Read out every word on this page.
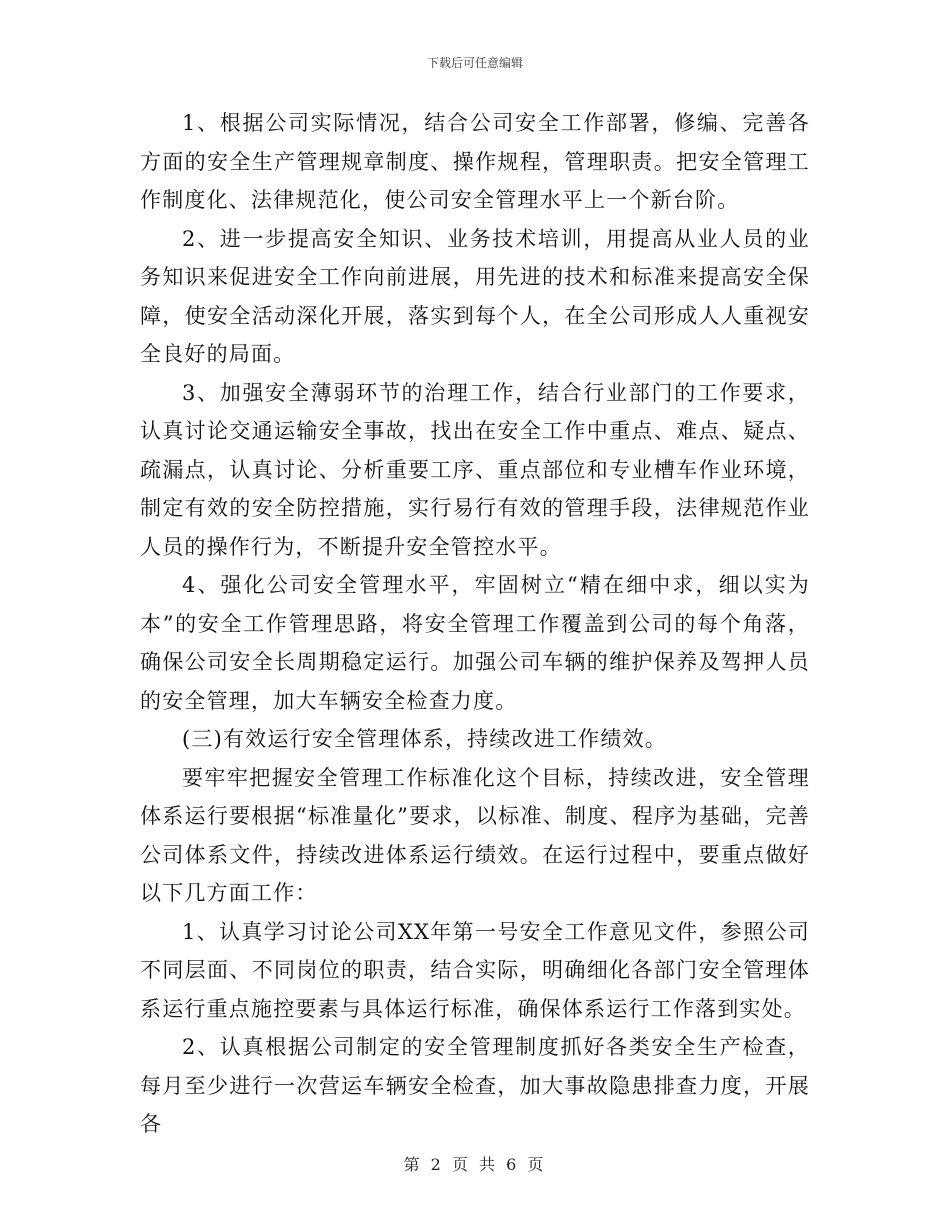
下载后可任意编辑

1、根据公司实际情况，结合公司安全工作部署，修编、完善各方面的安全生产管理规章制度、操作规程，管理职责。把安全管理工作制度化、法律规范化，使公司安全管理水平上一个新台阶。

2、进一步提高安全知识、业务技术培训，用提高从业人员的业务知识来促进安全工作向前进展，用先进的技术和标准来提高安全保障，使安全活动深化开展，落实到每个人，在全公司形成人人重视安全良好的局面。

3、加强安全薄弱环节的治理工作，结合行业部门的工作要求，认真讨论交通运输安全事故，找出在安全工作中重点、难点、疑点、疏漏点，认真讨论、分析重要工序、重点部位和专业槽车作业环境，制定有效的安全防控措施，实行易行有效的管理手段，法律规范作业人员的操作行为，不断提升安全管控水平。

4、强化公司安全管理水平，牢固树立“精在细中求，细以实为本”的安全工作管理思路，将安全管理工作覆盖到公司的每个角落，确保公司安全长周期稳定运行。加强公司车辆的维护保养及驾押人员的安全管理，加大车辆安全检查力度。

(三)有效运行安全管理体系，持续改进工作绩效。

要牢牢把握安全管理工作标准化这个目标，持续改进，安全管理体系运行要根据“标准量化”要求，以标准、制度、程序为基础，完善公司体系文件，持续改进体系运行绩效。在运行过程中，要重点做好以下几方面工作：

1、认真学习讨论公司XX年第一号安全工作意见文件，参照公司不同层面、不同岗位的职责，结合实际，明确细化各部门安全管理体系运行重点施控要素与具体运行标准，确保体系运行工作落到实处。

2、认真根据公司制定的安全管理制度抓好各类安全生产检查，每月至少进行一次营运车辆安全检查，加大事故隐患排查力度，开展各

第 2 页 共 6 页
